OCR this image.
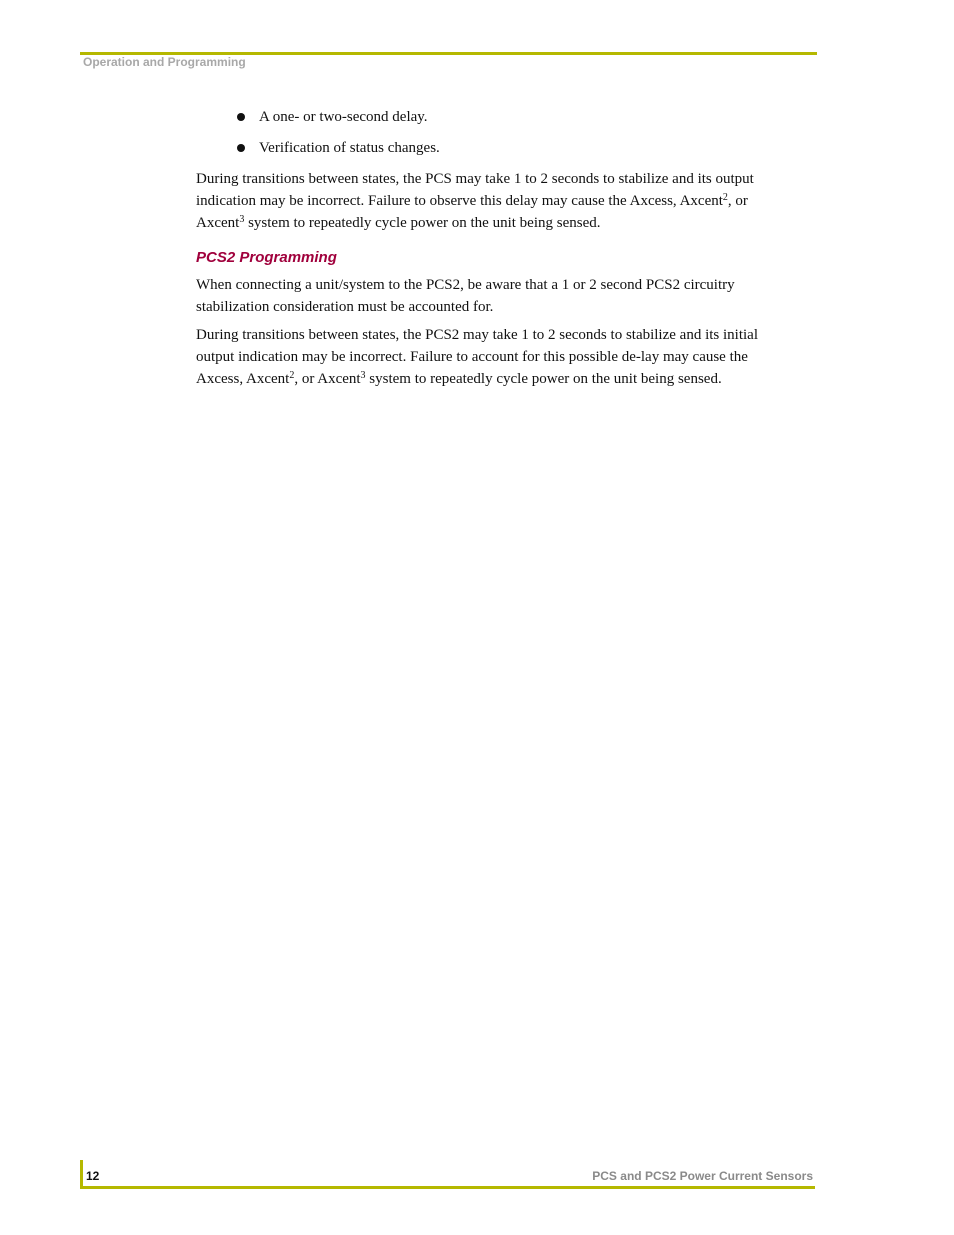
Operation and Programming
A one- or two-second delay.
Verification of status changes.

During transitions between states, the PCS may take 1 to 2 seconds to stabilize and its output indication may be incorrect. Failure to observe this delay may cause the Axcess, Axcent$^2$, or Axcent$^3$ system to repeatedly cycle power on the unit being sensed.

PCS2 Programming

When connecting a unit/system to the PCS2, be aware that a 1 or 2 second PCS2 circuitry stabilization consideration must be accounted for.

During transitions between states, the PCS2 may take 1 to 2 seconds to stabilize and its initial output indication may be incorrect. Failure to account for this possible de-lay may cause the Axcess, Axcent$^2$, or Axcent$^3$ system to repeatedly cycle power on the unit being sensed.

12	PCS and PCS2 Power Current Sensors
